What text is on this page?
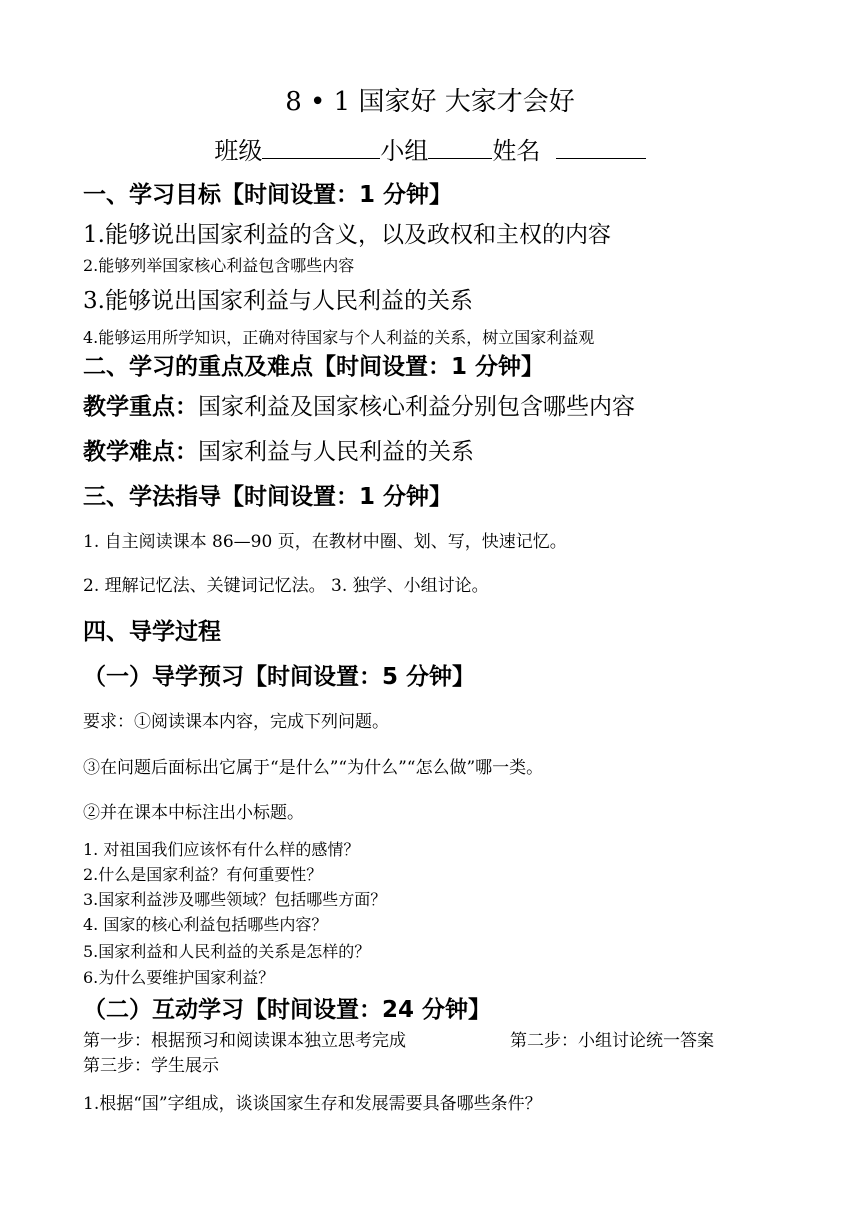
8 • 1 国家好 大家才会好
班级	小组	姓名
一、学习目标【时间设置：1 分钟】
1.能够说出国家利益的含义，以及政权和主权的内容
2.能够列举国家核心利益包含哪些内容
3.能够说出国家利益与人民利益的关系
4.能够运用所学知识，正确对待国家与个人利益的关系，树立国家利益观
二、学习的重点及难点【时间设置：1 分钟】
教学重点：国家利益及国家核心利益分别包含哪些内容
教学难点：国家利益与人民利益的关系
三、学法指导【时间设置：1 分钟】
1. 自主阅读课本 86—90 页，在教材中圈、划、写，快速记忆。
2. 理解记忆法、关键词记忆法。 3. 独学、小组讨论。
四、导学过程
（一）导学预习【时间设置：5 分钟】
要求：①阅读课本内容，完成下列问题。
③在问题后面标出它属于“是什么”“为什么”“怎么做”哪一类。
②并在课本中标注出小标题。
1. 对祖国我们应该怀有什么样的感情？
2.什么是国家利益？有何重要性？
3.国家利益涉及哪些领域？包括哪些方面？
4. 国家的核心利益包括哪些内容？
5.国家利益和人民利益的关系是怎样的？
6.为什么要维护国家利益？
（二）互动学习【时间设置：24 分钟】
第一步：根据预习和阅读课本独立思考完成	第二步：小组讨论统一答案
第三步：学生展示
1.根据“国”字组成，谈谈国家生存和发展需要具备哪些条件？
